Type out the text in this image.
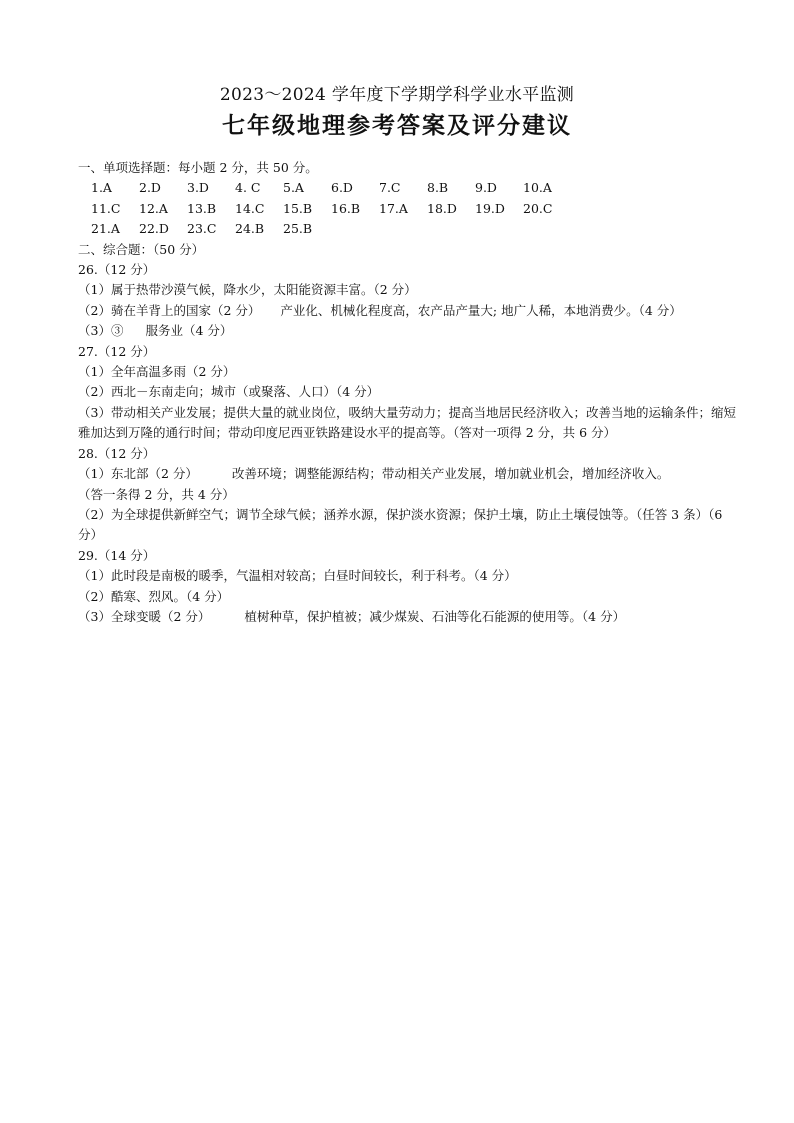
2023～2024 学年度下学期学科学业水平监测
七年级地理参考答案及评分建议
一、单项选择题：每小题 2 分，共 50 分。
1.A	2.D	3.D	4. C	5.A	6.D	7.C	8.B	9.D	10.A
11.C	12.A	13.B	14.C	15.B	16.B	17.A	18.D	19.D	20.C
21.A	22.D	23.C	24.B	25.B
二、综合题：（50 分）
26.（12 分）
（1）属于热带沙漠气候，降水少，太阳能资源丰富。（2 分）
（2）骑在羊背上的国家（2 分） 产业化、机械化程度高，农产品产量大; 地广人稀，本地消费少。（4 分）
（3）③ 服务业（4 分）
27.（12 分）
（1）全年高温多雨（2 分）
（2）西北－东南走向；城市（或聚落、人口）（4 分）
（3）带动相关产业发展；提供大量的就业岗位，吸纳大量劳动力；提高当地居民经济收入；改善当地的运输条件；缩短雅加达到万隆的通行时间；带动印度尼西亚铁路建设水平的提高等。（答对一项得 2 分，共 6 分）
28.（12 分）
（1）东北部（2 分）	改善环境；调整能源结构；带动相关产业发展，增加就业机会，增加经济收入。
（答一条得 2 分，共 4 分）
（2）为全球提供新鲜空气；调节全球气候；涵养水源，保护淡水资源；保护土壤，防止土壤侵蚀等。（任答 3 条）（6 分）
29.（14 分）
（1）此时段是南极的暖季，气温相对较高；白昼时间较长，利于科考。（4 分）
（2）酷寒、烈风。（4 分）
（3）全球变暖（2 分）	植树种草，保护植被；减少煤炭、石油等化石能源的使用等。（4 分）
